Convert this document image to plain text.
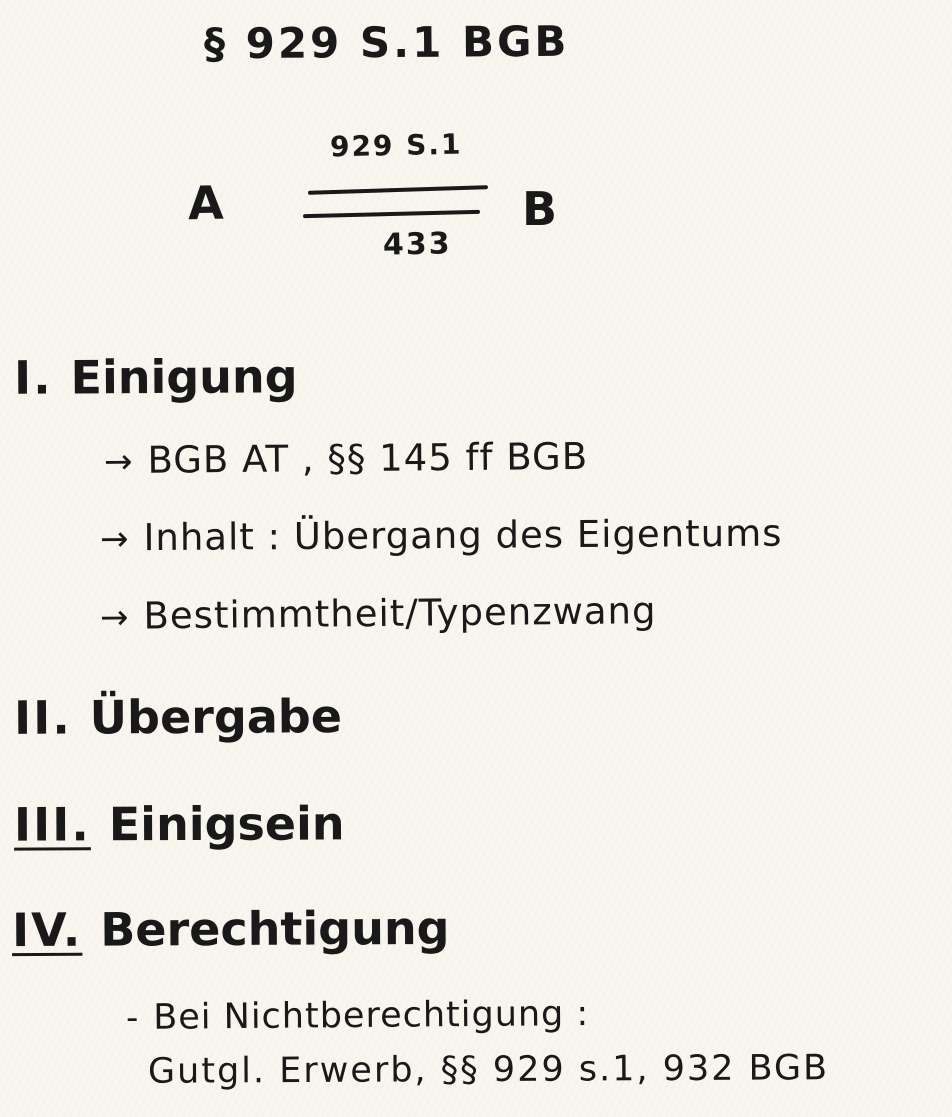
§ 929 S.1 BGB
929 S.1
A	B
433
I. Einigung
→ BGB AT , §§ 145 ff BGB
→ Inhalt : Übergang des Eigentums
→ Bestimmtheit/Typenzwang
II. Übergabe
III. Einigsein
IV. Berechtigung
- Bei Nichtberechtigung :
Gutgl. Erwerb, §§ 929 s.1, 932 BGB
